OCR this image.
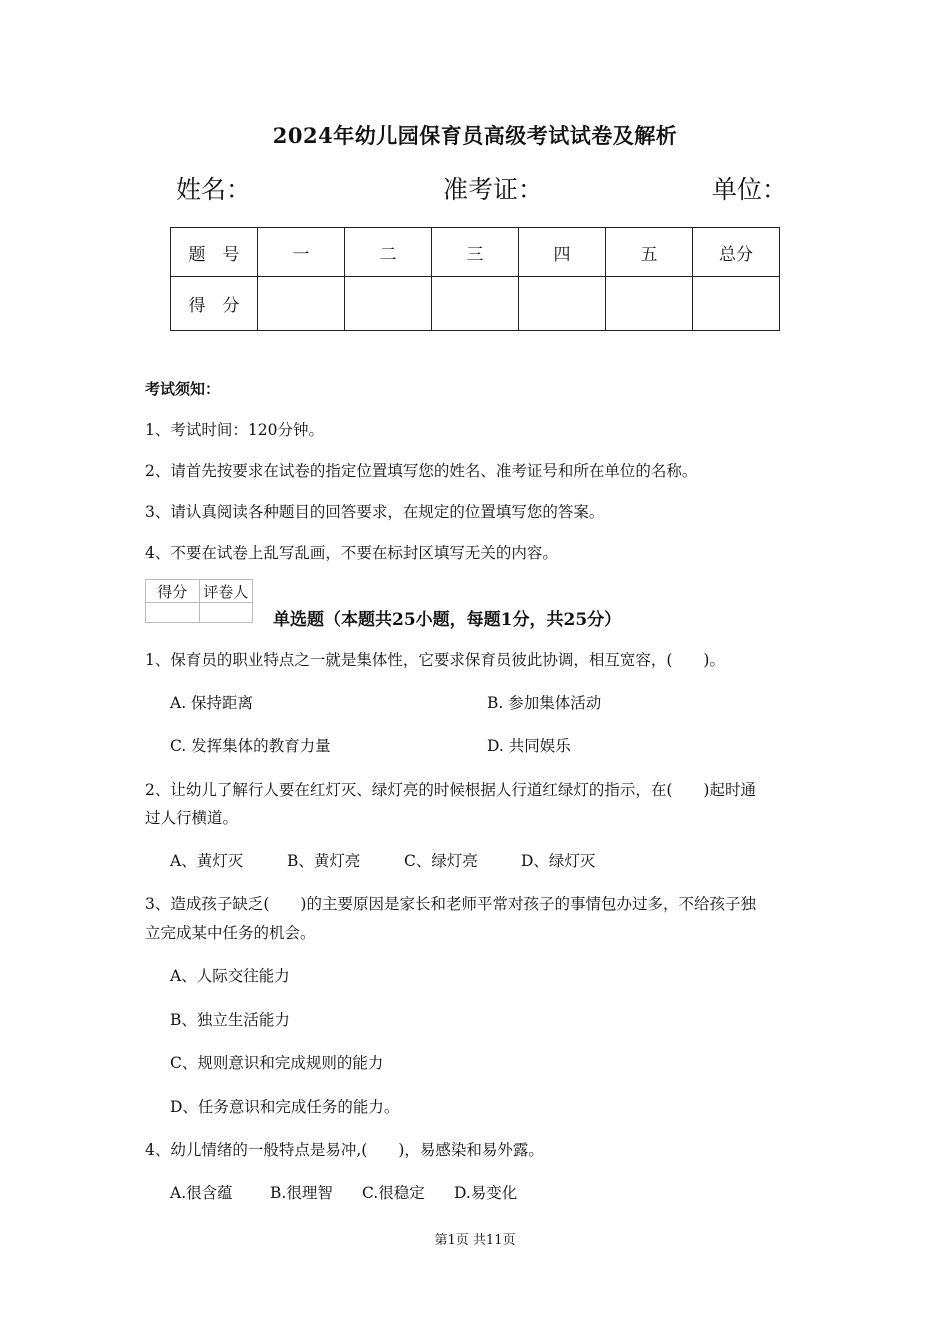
2024年幼儿园保育员高级考试试卷及解析
姓名：	准考证：	单位：
题　号	一	二	三	四	五	总分
得　分						
考试须知：
1、考试时间：120分钟。
2、请首先按要求在试卷的指定位置填写您的姓名、准考证号和所在单位的名称。
3、请认真阅读各种题目的回答要求，在规定的位置填写您的答案。
4、不要在试卷上乱写乱画，不要在标封区填写无关的内容。
得分	评卷人

单选题（本题共25小题，每题1分，共25分）
1、保育员的职业特点之一就是集体性，它要求保育员彼此协调，相互宽容，(　　)。
A. 保持距离	B. 参加集体活动
C. 发挥集体的教育力量	D. 共同娱乐
2、让幼儿了解行人要在红灯灭、绿灯亮的时候根据人行道红绿灯的指示，在(　　)起时通
过人行横道。
A、黄灯灭	B、黄灯亮	C、绿灯亮	D、绿灯灭
3、造成孩子缺乏(　　)的主要原因是家长和老师平常对孩子的事情包办过多，不给孩子独
立完成某中任务的机会。
A、人际交往能力
B、独立生活能力
C、规则意识和完成规则的能力
D、任务意识和完成任务的能力。
4、幼儿情绪的一般特点是易冲,(　　)，易感染和易外露。
A.很含蕴 B.很理智 C.很稳定 D.易变化
第1页 共11页
